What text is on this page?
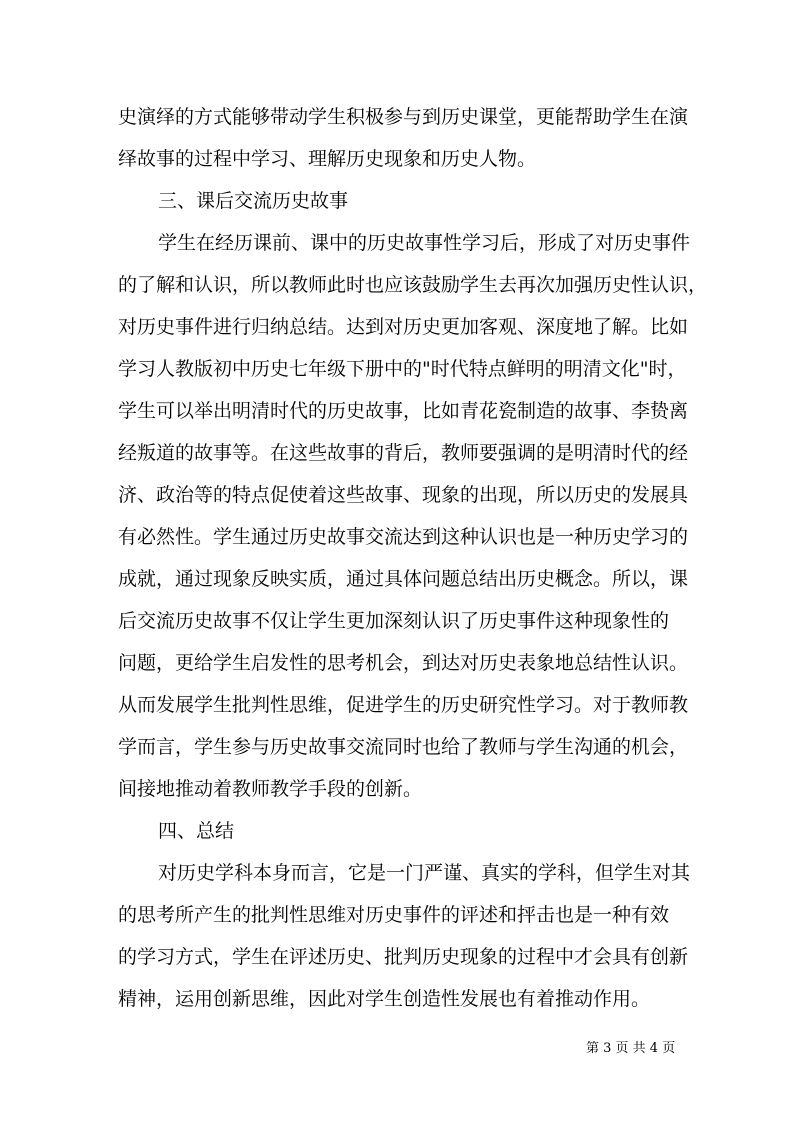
史演绎的方式能够带动学生积极参与到历史课堂，更能帮助学生在演
绎故事的过程中学习、理解历史现象和历史人物。
三、课后交流历史故事
学生在经历课前、课中的历史故事性学习后，形成了对历史事件
的了解和认识，所以教师此时也应该鼓励学生去再次加强历史性认识，
对历史事件进行归纳总结。达到对历史更加客观、深度地了解。比如
学习人教版初中历史七年级下册中的"时代特点鲜明的明清文化"时，
学生可以举出明清时代的历史故事，比如青花瓷制造的故事、李贽离
经叛道的故事等。在这些故事的背后，教师要强调的是明清时代的经
济、政治等的特点促使着这些故事、现象的出现，所以历史的发展具
有必然性。学生通过历史故事交流达到这种认识也是一种历史学习的
成就，通过现象反映实质，通过具体问题总结出历史概念。所以，课
后交流历史故事不仅让学生更加深刻认识了历史事件这种现象性的
问题，更给学生启发性的思考机会，到达对历史表象地总结性认识。
从而发展学生批判性思维，促进学生的历史研究性学习。对于教师教
学而言，学生参与历史故事交流同时也给了教师与学生沟通的机会，
间接地推动着教师教学手段的创新。
四、总结
对历史学科本身而言，它是一门严谨、真实的学科，但学生对其
的思考所产生的批判性思维对历史事件的评述和抨击也是一种有效
的学习方式，学生在评述历史、批判历史现象的过程中才会具有创新
精神，运用创新思维，因此对学生创造性发展也有着推动作用。
第 3 页 共 4 页
